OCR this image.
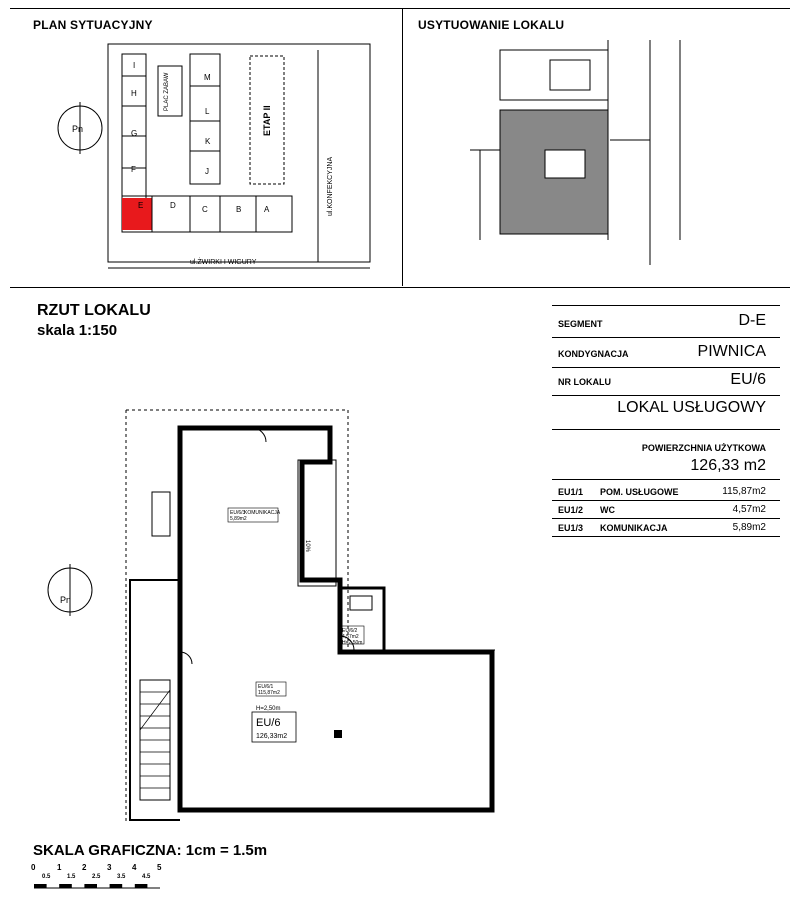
PLAN SYTUACYJNY
Pn
I
H
G
F
PLAC ZABAW	M
L
K
J
ETAP II
E	D	C	B	A
ul.ŻWIRKI I WIGURY
ul.KONFEKCYJNA
USYTUOWANIE LOKALU
RZUT LOKALU
skala 1:150
Pn
EU/6/3
5,89m2
KOMUNIKACJA
10%
EU/6/2
4,57m2
H=2,50m
EU/6/1
115,87m2
H=2,50m
EU/6
126,33m2
SEGMENT	D-E
KONDYGNACJA	PIWNICA
NR LOKALU	EU/6
LOKAL USŁUGOWY
POWIERZCHNIA UŻYTKOWA
126,33 m2
EU1/1 POM. USŁUGOWE	115,87m2
EU1/2 WC	4,57m2
EU1/3 KOMUNIKACJA	5,89m2
SKALA GRAFICZNA: 1cm = 1.5m
0
0.5
1
1.5
2
2.5
3
3.5
4
4.5
5
